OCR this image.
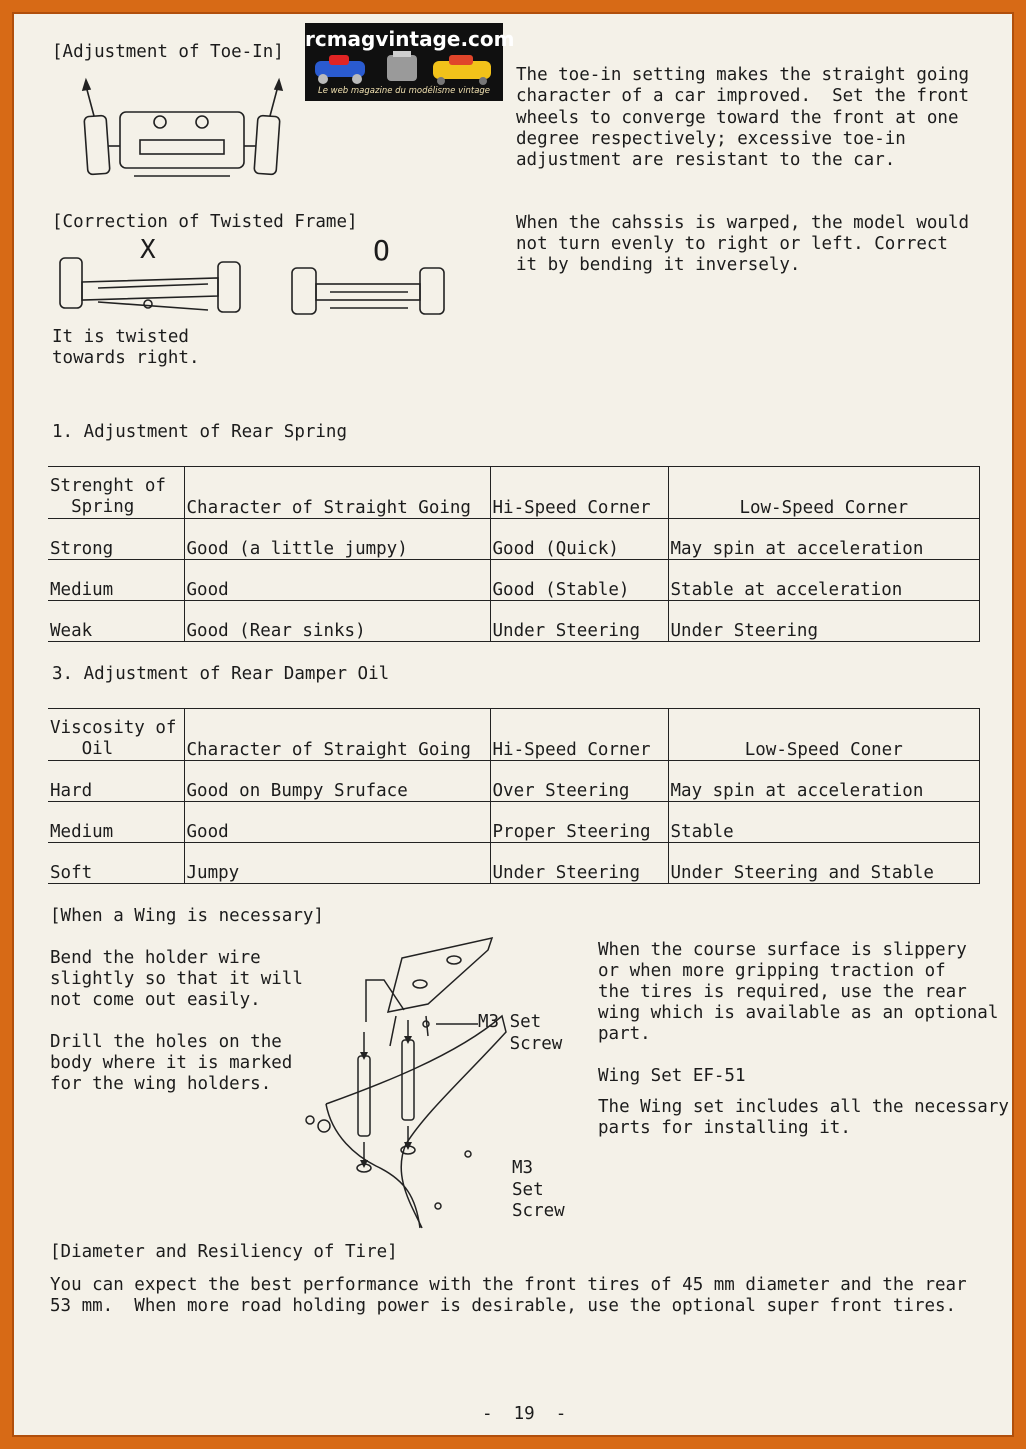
rcmagvintage.com
Le web magazine du modélisme vintage
[Adjustment of Toe-In]
The toe-in setting makes the straight going
character of a car improved.  Set the front
wheels to converge toward the front at one
degree respectively; excessive toe-in
adjustment are resistant to the car.
[Correction of Twisted Frame]
X	O
It is twisted
towards right.
When the cahssis is warped, the model would
not turn evenly to right or left. Correct
it by bending it inversely.
1. Adjustment of Rear Spring
Strenght of
Spring	Character of Straight Going	Hi-Speed Corner	Low-Speed Corner
Strong	Good (a little jumpy)	Good (Quick)	May spin at acceleration
Medium	Good	Good (Stable)	Stable at acceleration
Weak	Good (Rear sinks)	Under Steering	Under Steering
3. Adjustment of Rear Damper Oil
Viscosity of
Oil	Character of Straight Going	Hi-Speed Corner	Low-Speed Coner
Hard	Good on Bumpy Sruface	Over Steering	May spin at acceleration
Medium	Good	Proper Steering	Stable
Soft	Jumpy	Under Steering	Under Steering and Stable
[When a Wing is necessary]
Bend the holder wire
slightly so that it will
not come out easily.
Drill the holes on the
body where it is marked
for the wing holders.
M3 Set
Screw
M3
Set
Screw
When the course surface is slippery
or when more gripping traction of
the tires is required, use the rear
wing which is available as an optional
part.
Wing Set EF-51
The Wing set includes all the necessary
parts for installing it.
[Diameter and Resiliency of Tire]
You can expect the best performance with the front tires of 45 mm diameter and the rear
53 mm.  When more road holding power is desirable, use the optional super front tires.
-  19  -
